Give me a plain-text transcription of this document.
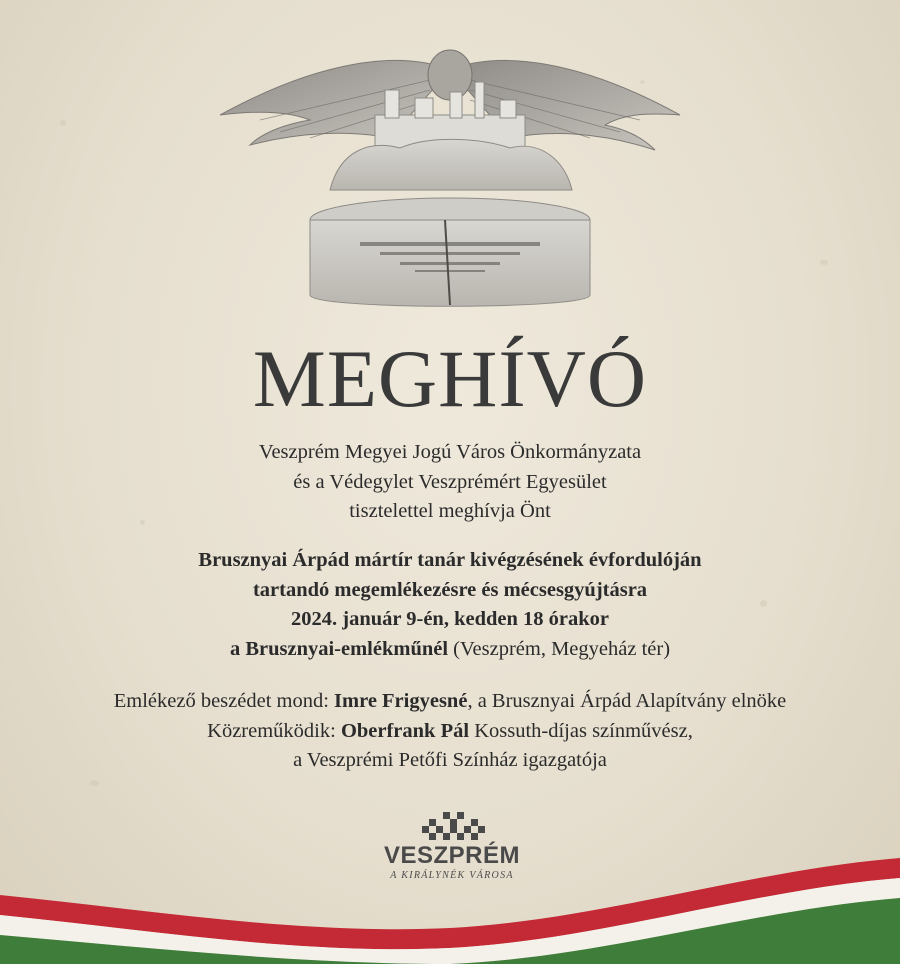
MEGHÍVÓ
Veszprém Megyei Jogú Város Önkormányzata
és a Védegylet Veszprémért Egyesület
tisztelettel meghívja Önt
Brusznyai Árpád mártír tanár kivégzésének évfordulóján
tartandó megemlékezésre és mécsesgyújtásra
2024. január 9-én, kedden 18 órakor
a Brusznyai-emlékműnél (Veszprém, Megyeház tér)
Emlékező beszédet mond: Imre Frigyesné, a Brusznyai Árpád Alapítvány elnöke
Közreműködik: Oberfrank Pál Kossuth-díjas színművész,
a Veszprémi Petőfi Színház igazgatója
VESZPRÉM
A KIRÁLYNÉK VÁROSA
